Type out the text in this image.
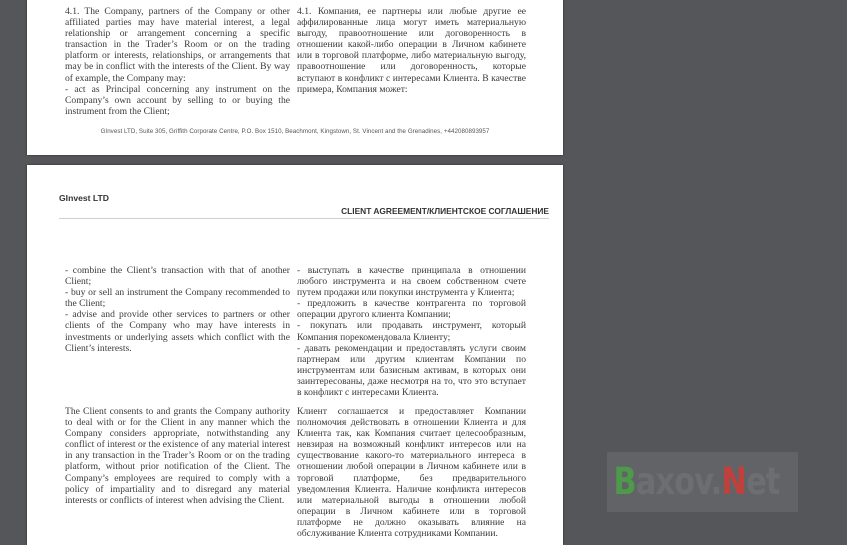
4.1. The Company, partners of the Company or other affiliated parties may have material interest, a legal relationship or arrangement concerning a specific transaction in the Trader’s Room or on the trading platform or interests, relationships, or arrangements that may be in conflict with the interests of the Client. By way of example, the Company may:

- act as Principal concerning any instrument on the Company’s own account by selling to or buying the instrument from the Client;

4.1. Компания, ее партнеры или любые другие ее аффилированные лица могут иметь материальную выгоду, правоотношение или договоренность в отношении какой-либо операции в Личном кабинете или в торговой платформе, либо материальную выгоду, правоотношение или договоренность, которые вступают в конфликт с интересами Клиента. В качестве примера, Компания может:

GInvest LTD, Suite 305, Griffith Corporate Centre, P.O. Box 1510, Beachmont, Kingstown, St. Vincent and the Grenadines, +442080893957
GInvest LTD
CLIENT AGREEMENT/КЛИЕНТСКОЕ СОГЛАШЕНИЕ

- combine the Client’s transaction with that of another Client;

- buy or sell an instrument the Company recommended to the Client;

- advise and provide other services to partners or other clients of the Company who may have interests in investments or underlying assets which conflict with the Client’s interests.

- выступать в качестве принципала в отношении любого инструмента и на своем собственном счете путем продажи или покупки инструмента у Клиента;

- предложить в качестве контрагента по торговой операции другого клиента Компании;

- покупать или продавать инструмент, который Компания порекомендовала Клиенту;

- давать рекомендации и предоставлять услуги своим партнерам или другим клиентам Компании по инструментам или базисным активам, в которых они заинтересованы, даже несмотря на то, что это вступает в конфликт с интересами Клиента.

The Client consents to and grants the Company authority to deal with or for the Client in any manner which the Company considers appropriate, notwithstanding any conflict of interest or the existence of any material interest in any transaction in the Trader’s Room or on the trading platform, without prior notification of the Client. The Company’s employees are required to comply with a policy of impartiality and to disregard any material interests or conflicts of interest when advising the Client.

Клиент соглашается и предоставляет Компании полномочия действовать в отношении Клиента и для Клиента так, как Компания считает целесообразным, невзирая на возможный конфликт интересов или на существование какого-то материального интереса в отношении любой операции в Личном кабинете или в торговой платформе, без предварительного уведомления Клиента. Наличие конфликта интересов или материальной выгоды в отношении любой операции в Личном кабинете или в торговой платформе не должно оказывать влияние на обслуживание Клиента сотрудниками Компании.

Baxov.Net
